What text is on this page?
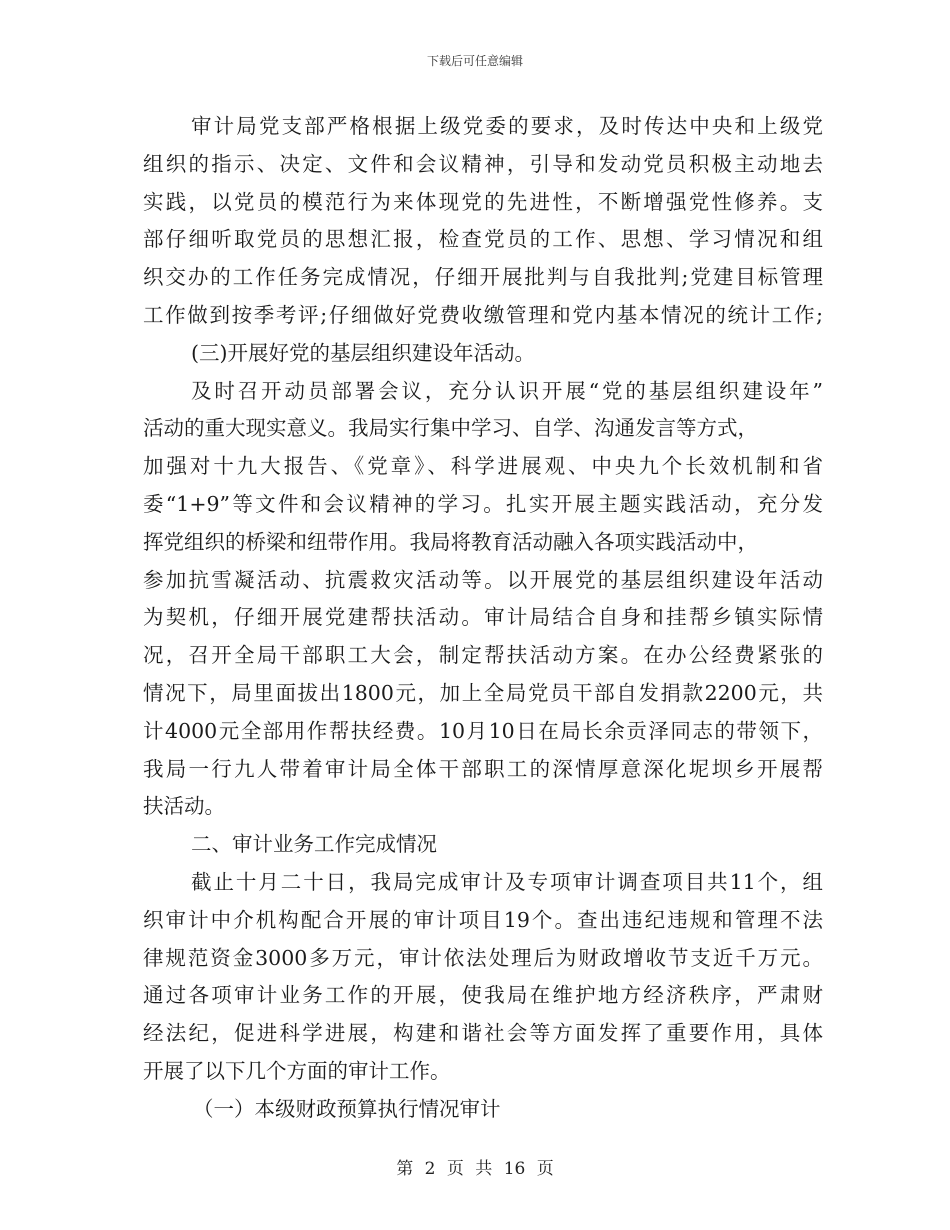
下载后可任意编辑
审计局党支部严格根据上级党委的要求，及时传达中央和上级党
组织的指示、决定、文件和会议精神，引导和发动党员积极主动地去
实践，以党员的模范行为来体现党的先进性，不断增强党性修养。支
部仔细听取党员的思想汇报，检查党员的工作、思想、学习情况和组
织交办的工作任务完成情况，仔细开展批判与自我批判;党建目标管理
工作做到按季考评;仔细做好党费收缴管理和党内基本情况的统计工作;
(三)开展好党的基层组织建设年活动。
及时召开动员部署会议，充分认识开展“党的基层组织建设年”
活动的重大现实意义。我局实行集中学习、自学、沟通发言等方式，
加强对十九大报告、《党章》、科学进展观、中央九个长效机制和省
委“1+9”等文件和会议精神的学习。扎实开展主题实践活动，充分发
挥党组织的桥梁和纽带作用。我局将教育活动融入各项实践活动中，
参加抗雪凝活动、抗震救灾活动等。以开展党的基层组织建设年活动
为契机，仔细开展党建帮扶活动。审计局结合自身和挂帮乡镇实际情
况，召开全局干部职工大会，制定帮扶活动方案。在办公经费紧张的
情况下，局里面拔出1800元，加上全局党员干部自发捐款2200元，共
计4000元全部用作帮扶经费。10月10日在局长余贡泽同志的带领下，
我局一行九人带着审计局全体干部职工的深情厚意深化坭坝乡开展帮
扶活动。
二、审计业务工作完成情况
截止十月二十日，我局完成审计及专项审计调查项目共11个，组
织审计中介机构配合开展的审计项目19个。查出违纪违规和管理不法
律规范资金3000多万元，审计依法处理后为财政增收节支近千万元。
通过各项审计业务工作的开展，使我局在维护地方经济秩序，严肃财
经法纪，促进科学进展，构建和谐社会等方面发挥了重要作用，具体
开展了以下几个方面的审计工作。
（一）本级财政预算执行情况审计
第 2 页 共 16 页
